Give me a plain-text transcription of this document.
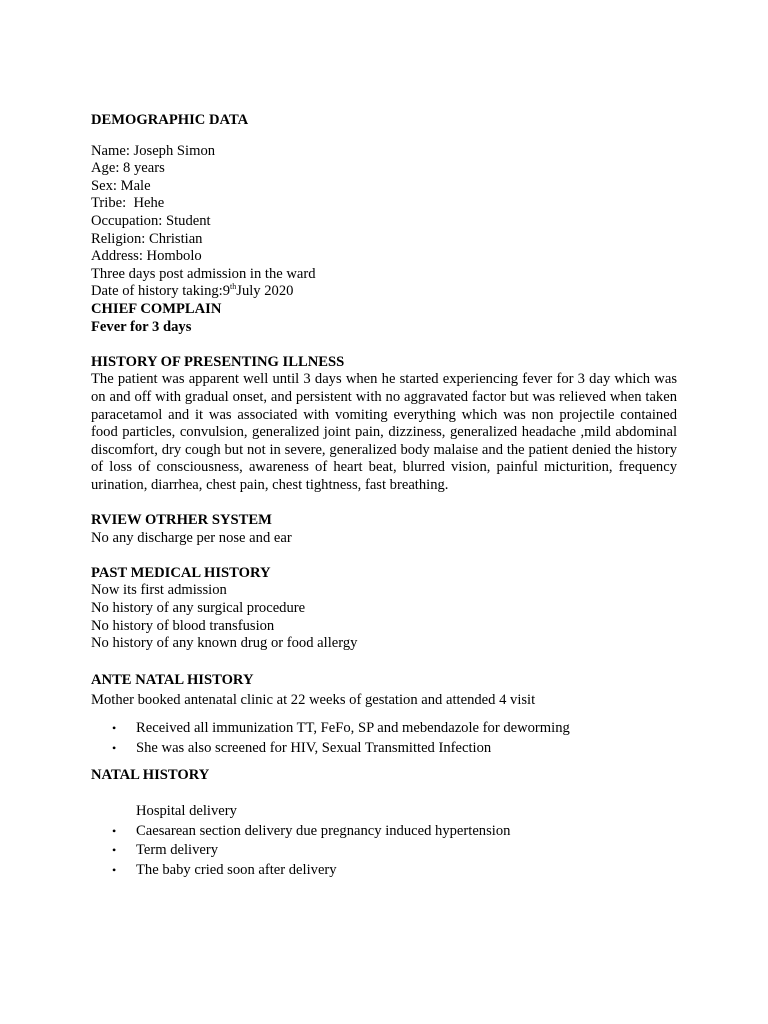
DEMOGRAPHIC DATA

Name: Joseph Simon

Age: 8 years

Sex: Male

Tribe:  Hehe

Occupation: Student

Religion: Christian

Address: Hombolo

Three days post admission in the ward

Date of history taking:9thJuly 2020

CHIEF COMPLAIN

Fever for 3 days

HISTORY OF PRESENTING ILLNESS

The patient was apparent well until 3 days when he started experiencing fever for 3 day which was on and off with gradual onset, and persistent with no aggravated factor but was relieved when taken paracetamol and it was associated with vomiting everything which was non projectile contained food particles, convulsion, generalized joint pain, dizziness, generalized headache ,mild abdominal discomfort, dry cough but not in severe, generalized body malaise and the patient denied the history of loss of consciousness, awareness of heart beat, blurred vision, painful micturition, frequency urination, diarrhea, chest pain, chest tightness, fast breathing.

RVIEW OTRHER SYSTEM

No any discharge per nose and ear

PAST MEDICAL HISTORY

Now its first admission

No history of any surgical procedure

No history of blood transfusion

No history of any known drug or food allergy

ANTE NATAL HISTORY

Mother booked antenatal clinic at 22 weeks of gestation and attended 4 visit

• Received all immunization TT, FeFo, SP and mebendazole for deworming
• She was also screened for HIV, Sexual Transmitted Infection

NATAL HISTORY

Hospital delivery

• Caesarean section delivery due pregnancy induced hypertension
• Term delivery
• The baby cried soon after delivery
